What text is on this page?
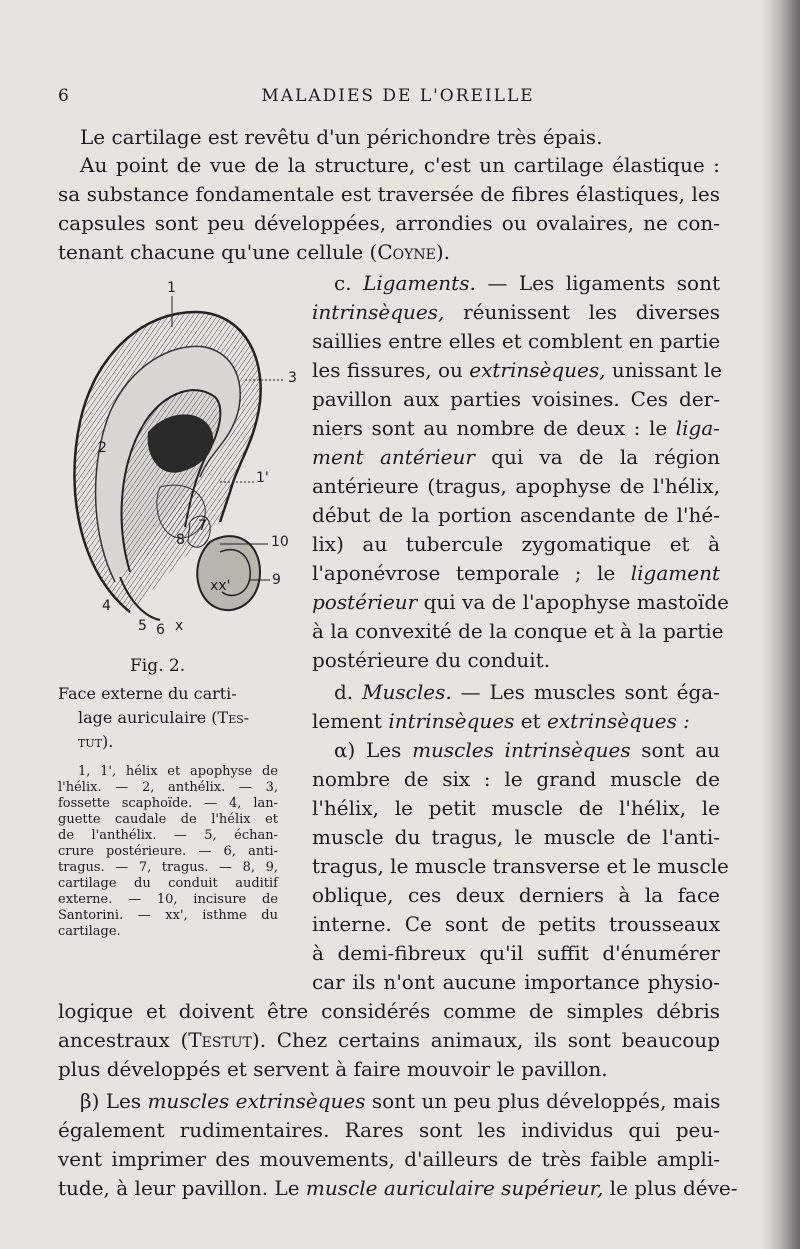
6	MALADIES DE L'OREILLE
Le cartilage est revêtu d'un périchondre très épais.
Au point de vue de la structure, c'est un cartilage élastique :
sa substance fondamentale est traversée de fibres élastiques, les
capsules sont peu développées, arrondies ou ovalaires, ne con-
tenant chacune qu'une cellule (Coyne).
c. Ligaments. — Les ligaments sont
intrinsèques, réunissent les diverses
saillies entre elles et comblent en partie
les fissures, ou extrinsèques, unissant le
pavillon aux parties voisines. Ces der-
niers sont au nombre de deux : le liga-
ment antérieur qui va de la région
antérieure (tragus, apophyse de l'hélix,
début de la portion ascendante de l'hé-
lix) au tubercule zygomatique et à
l'aponévrose temporale ; le ligament
postérieur qui va de l'apophyse mastoïde
à la convexité de la conque et à la partie
postérieure du conduit.
d. Muscles. — Les muscles sont éga-
lement intrinsèques et extrinsèques :
α) Les muscles intrinsèques sont au
nombre de six : le grand muscle de
l'hélix, le petit muscle de l'hélix, le
muscle du tragus, le muscle de l'anti-
tragus, le muscle transverse et le muscle
oblique, ces deux derniers à la face
interne. Ce sont de petits trousseaux
à demi-fibreux qu'il suffit d'énumérer
car ils n'ont aucune importance physio-
logique et doivent être considérés comme de simples débris
ancestraux (Testut). Chez certains animaux, ils sont beaucoup
plus développés et servent à faire mouvoir le pavillon.
β) Les muscles extrinsèques sont un peu plus développés, mais
également rudimentaires. Rares sont les individus qui peu-
vent imprimer des mouvements, d'ailleurs de très faible ampli-
tude, à leur pavillon. Le muscle auriculaire supérieur, le plus déve-
1
3
2
1'
7
8	10
9
xx'
4
5 6 x
Fig. 2.
Face externe du carti-
lage auriculaire (Tes-
tut).
1, 1', hélix et apophyse de
l'hélix. — 2, anthélix. — 3,
fossette scaphoïde. — 4, lan-
guette caudale de l'hélix et
de l'anthélix. — 5, échan-
crure postérieure. — 6, anti-
tragus. — 7, tragus. — 8, 9,
cartilage du conduit auditif
externe. — 10, incisure de
Santorini. — xx', isthme du
cartilage.
